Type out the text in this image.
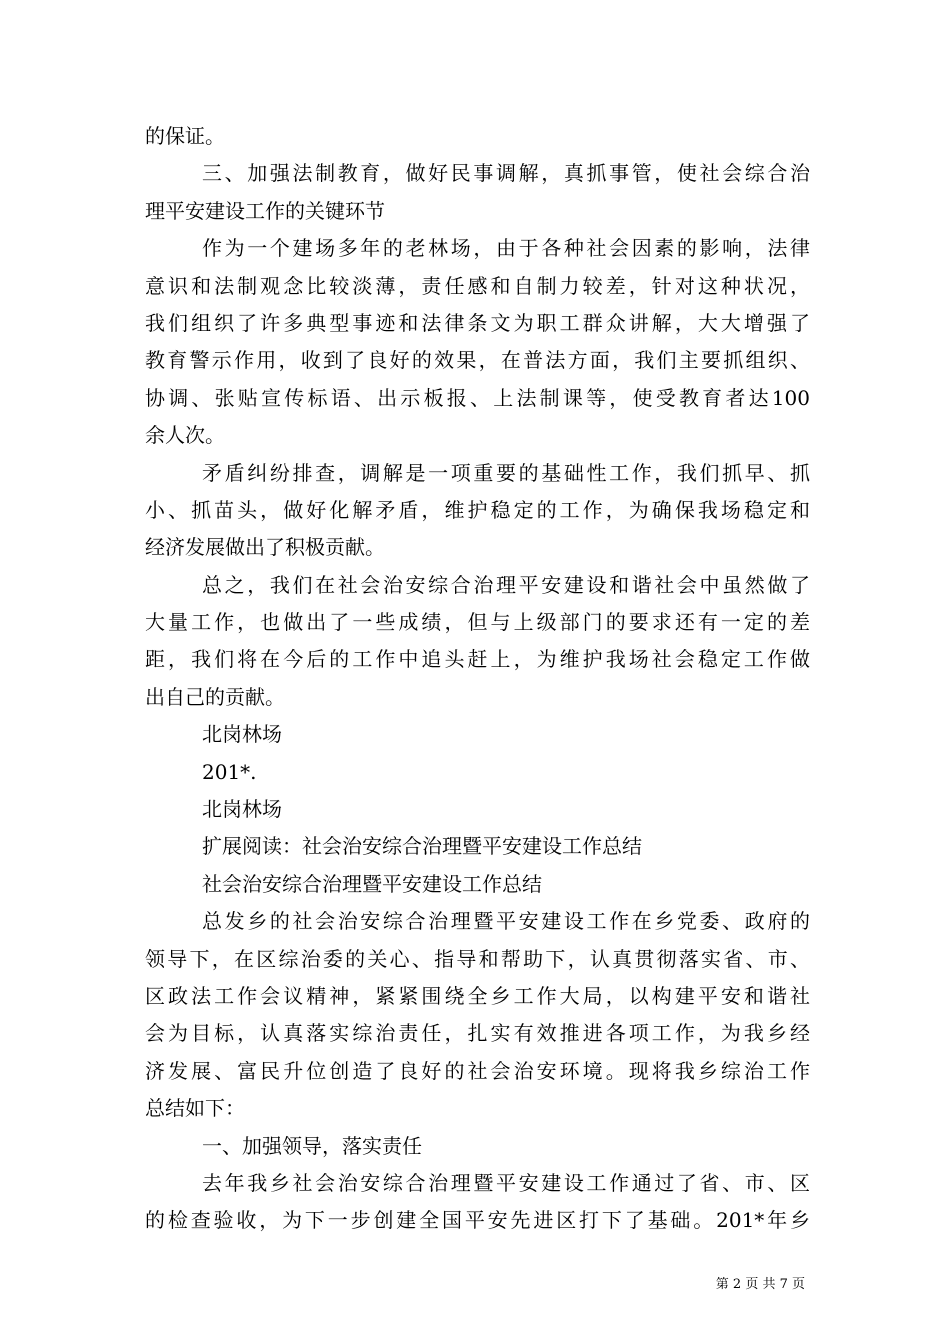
的保证。
三、加强法制教育，做好民事调解，真抓事管，使社会综合治
理平安建设工作的关键环节
作为一个建场多年的老林场，由于各种社会因素的影响，法律
意识和法制观念比较淡薄，责任感和自制力较差，针对这种状况，
我们组织了许多典型事迹和法律条文为职工群众讲解，大大增强了
教育警示作用，收到了良好的效果，在普法方面，我们主要抓组织、
协调、张贴宣传标语、出示板报、上法制课等，使受教育者达100
余人次。
矛盾纠纷排查，调解是一项重要的基础性工作，我们抓早、抓
小、抓苗头，做好化解矛盾，维护稳定的工作，为确保我场稳定和
经济发展做出了积极贡献。
总之，我们在社会治安综合治理平安建设和谐社会中虽然做了
大量工作，也做出了一些成绩，但与上级部门的要求还有一定的差
距，我们将在今后的工作中追头赶上，为维护我场社会稳定工作做
出自己的贡献。
北岗林场
201*.
北岗林场
扩展阅读：社会治安综合治理暨平安建设工作总结
社会治安综合治理暨平安建设工作总结
总发乡的社会治安综合治理暨平安建设工作在乡党委、政府的
领导下，在区综治委的关心、指导和帮助下，认真贯彻落实省、市、
区政法工作会议精神，紧紧围绕全乡工作大局，以构建平安和谐社
会为目标，认真落实综治责任，扎实有效推进各项工作，为我乡经
济发展、富民升位创造了良好的社会治安环境。现将我乡综治工作
总结如下：
一、加强领导，落实责任
去年我乡社会治安综合治理暨平安建设工作通过了省、市、区
的检查验收，为下一步创建全国平安先进区打下了基础。201*年乡
第 2 页 共 7 页
